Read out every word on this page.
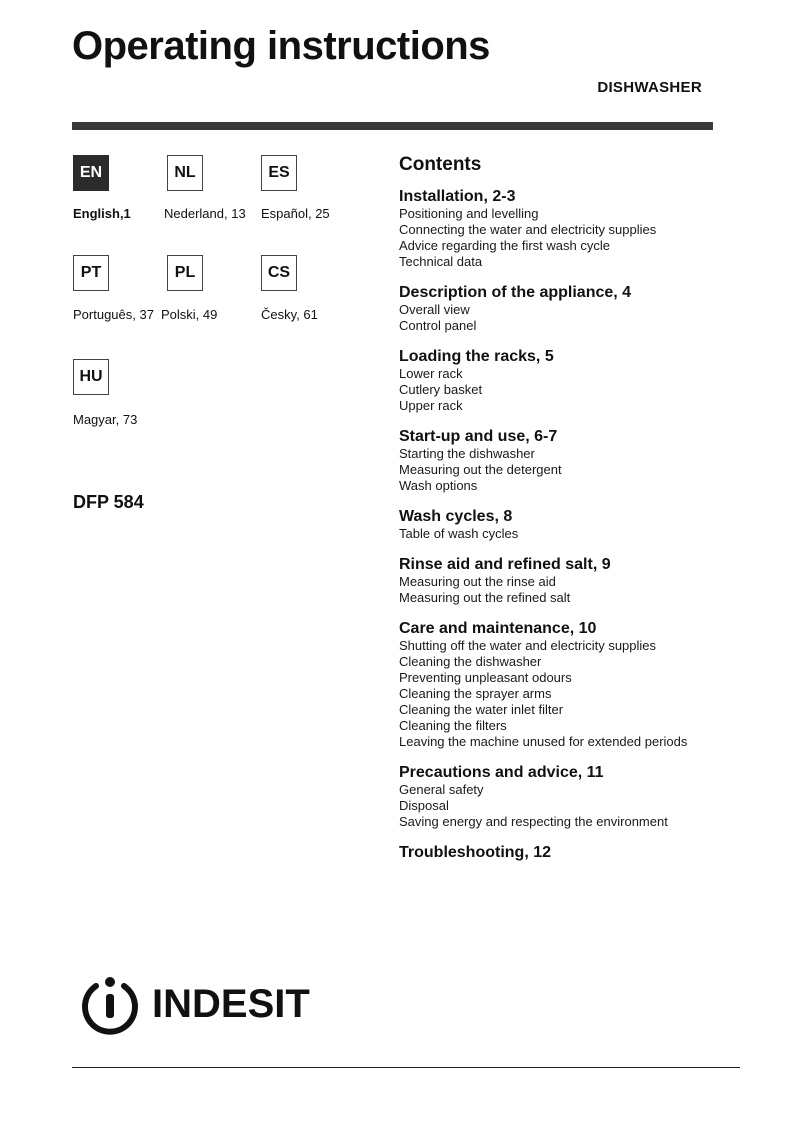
Operating instructions
DISHWASHER
EN	NL	ES
English,1	Nederland, 13 Español, 25
PT	PL	CS
Português, 37 Polski, 49	Česky, 61
HU
Magyar, 73
DFP 584
Contents
Installation, 2-3
Positioning and levelling
Connecting the water and electricity supplies
Advice regarding the first wash cycle
Technical data
Description of the appliance, 4
Overall view
Control panel
Loading the racks, 5
Lower rack
Cutlery basket
Upper rack
Start-up and use, 6-7
Starting the dishwasher
Measuring out the detergent
Wash options
Wash cycles, 8
Table of wash cycles
Rinse aid and refined salt, 9
Measuring out the rinse aid
Measuring out the refined salt
Care and maintenance, 10
Shutting off the water and electricity supplies
Cleaning the dishwasher
Preventing unpleasant odours
Cleaning the sprayer arms
Cleaning the water inlet filter
Cleaning the filters
Leaving the machine unused for extended periods
Precautions and advice, 11
General safety
Disposal
Saving energy and respecting the environment
Troubleshooting, 12
INDESIT
